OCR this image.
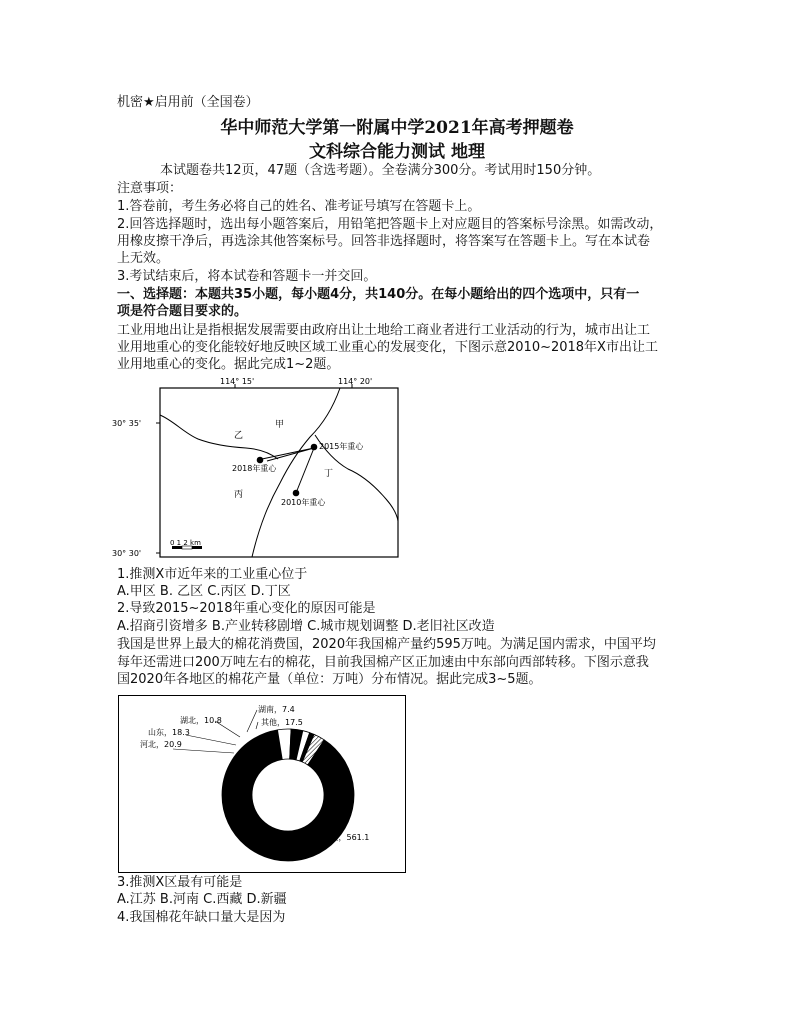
机密★启用前（全国卷）
华中师范大学第一附属中学2021年高考押题卷
文科综合能力测试 地理
本试题卷共12页，47题（含选考题）。全卷满分300分。考试用时150分钟。
注意事项：
1.答卷前，考生务必将自己的姓名、准考证号填写在答题卡上。
2.回答选择题时，选出每小题答案后，用铅笔把答题卡上对应题目的答案标号涂黑。如需改动，
用橡皮擦干净后，再选涂其他答案标号。回答非选择题时，将答案写在答题卡上。写在本试卷
上无效。
3.考试结束后，将本试卷和答题卡一并交回。
一、选择题：本题共35小题，每小题4分，共140分。在每小题给出的四个选项中，只有一
项是符合题目要求的。
工业用地出让是指根据发展需要由政府出让土地给工商业者进行工业活动的行为，城市出让工
业用地重心的变化能较好地反映区域工业重心的发展变化，下图示意2010~2018年X市出让工
业用地重心的变化。据此完成1~2题。
114° 15'	114° 20'
30° 35'
30° 30'
甲
乙
丙
丁
2015年重心
2018年重心
2010年重心
0 1 2 km
1.推测X市近年来的工业重心位于
A.甲区 B. 乙区 C.丙区 D.丁区
2.导致2015~2018年重心变化的原因可能是
A.招商引资增多 B.产业转移剧增 C.城市规划调整 D.老旧社区改造
我国是世界上最大的棉花消费国，2020年我国棉产量约595万吨。为满足国内需求，中国平均
每年还需进口200万吨左右的棉花，目前我国棉产区正加速由中东部向西部转移。下图示意我
国2020年各地区的棉花产量（单位：万吨）分布情况。据此完成3~5题。
X区，561.1
河北，20.9
山东，18.3
湖北，10.8
湖南，7.4
其他，17.5
3.推测X区最有可能是
A.江苏 B.河南 C.西藏 D.新疆
4.我国棉花年缺口量大是因为
